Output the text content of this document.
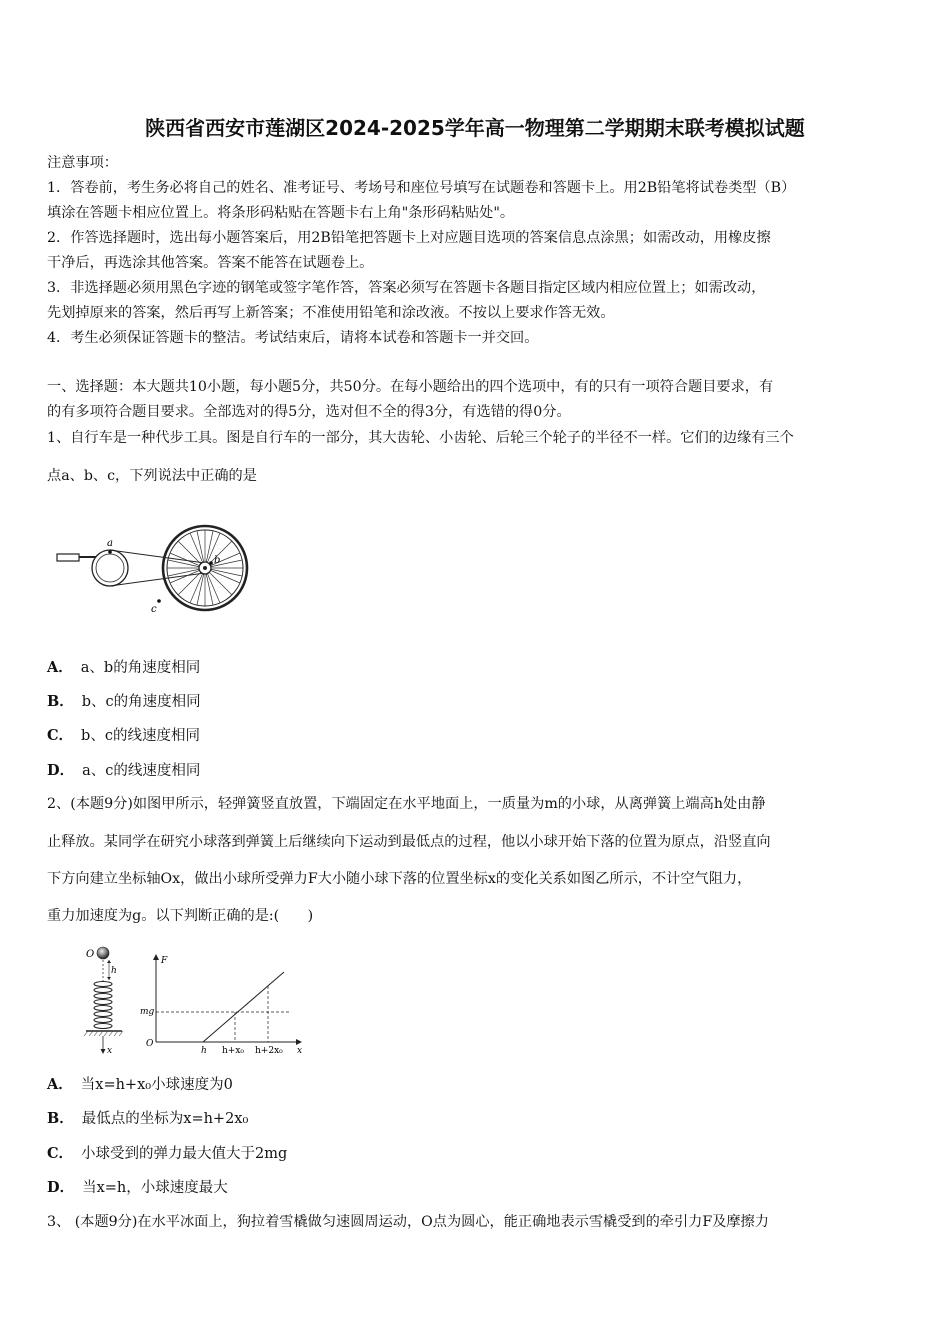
陕西省西安市莲湖区2024-2025学年高一物理第二学期期末联考模拟试题
注意事项：
1．答卷前，考生务必将自己的姓名、准考证号、考场号和座位号填写在试题卷和答题卡上。用2B铅笔将试卷类型（B）
填涂在答题卡相应位置上。将条形码粘贴在答题卡右上角"条形码粘贴处"。
2．作答选择题时，选出每小题答案后，用2B铅笔把答题卡上对应题目选项的答案信息点涂黑；如需改动，用橡皮擦
干净后，再选涂其他答案。答案不能答在试题卷上。
3．非选择题必须用黑色字迹的钢笔或签字笔作答，答案必须写在答题卡各题目指定区域内相应位置上；如需改动，
先划掉原来的答案，然后再写上新答案；不准使用铅笔和涂改液。不按以上要求作答无效。
4．考生必须保证答题卡的整洁。考试结束后，请将本试卷和答题卡一并交回。
一、选择题：本大题共10小题，每小题5分，共50分。在每小题给出的四个选项中，有的只有一项符合题目要求，有
的有多项符合题目要求。全部选对的得5分，选对但不全的得3分，有选错的得0分。
1、自行车是一种代步工具。图是自行车的一部分，其大齿轮、小齿轮、后轮三个轮子的半径不一样。它们的边缘有三个
点a、b、c，下列说法中正确的是
a
b
c
A． a、b的角速度相同
B． b、c的角速度相同
C． b、c的线速度相同
D． a、c的线速度相同
2、(本题9分)如图甲所示，轻弹簧竖直放置，下端固定在水平地面上，一质量为m的小球，从离弹簧上端高h处由静
止释放。某同学在研究小球落到弹簧上后继续向下运动到最低点的过程，他以小球开始下落的位置为原点，沿竖直向
下方向建立坐标轴Ox，做出小球所受弹力F大小随小球下落的位置坐标x的变化关系如图乙所示，不计空气阻力，
重力加速度为g。以下判断正确的是:(　　)
O
h
x
F
x
O
mg
h h+x₀ h+2x₀
A． 当x=h+x₀小球速度为0
B． 最低点的坐标为x=h+2x₀
C． 小球受到的弹力最大值大于2mg
D． 当x=h，小球速度最大
3、 (本题9分)在水平冰面上，狗拉着雪橇做匀速圆周运动，O点为圆心，能正确地表示雪橇受到的牵引力F及摩擦力
